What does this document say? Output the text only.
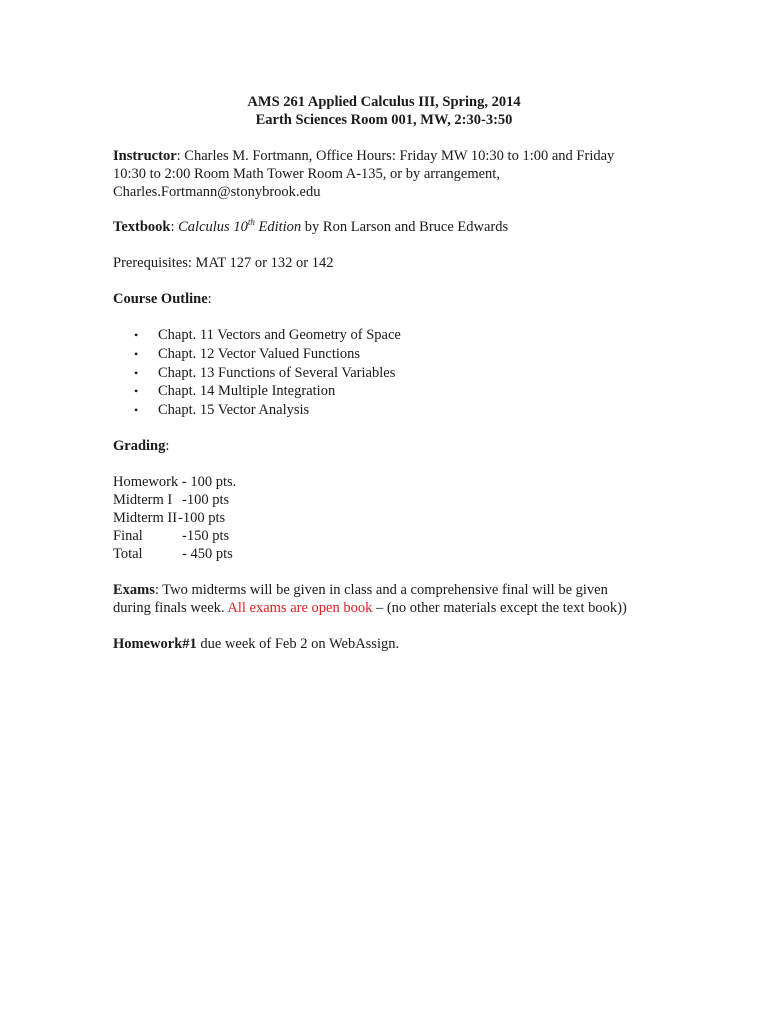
AMS 261 Applied Calculus III, Spring, 2014
Earth Sciences Room 001, MW, 2:30-3:50
Instructor: Charles M. Fortmann, Office Hours: Friday MW 10:30 to 1:00 and Friday
10:30 to 2:00 Room Math Tower Room A-135, or by arrangement,
Charles.Fortmann@stonybrook.edu
Textbook: Calculus 10th Edition by Ron Larson and Bruce Edwards
Prerequisites: MAT 127 or 132 or 142
Course Outline:
• Chapt. 11 Vectors and Geometry of Space
• Chapt. 12 Vector Valued Functions
• Chapt. 13 Functions of Several Variables
• Chapt. 14 Multiple Integration
• Chapt. 15 Vector Analysis
Grading:
Homework - 100 pts.
Midterm I -100 pts
Midterm II-100 pts
Final	-150 pts
Total	- 450 pts
Exams: Two midterms will be given in class and a comprehensive final will be given
during finals week. All exams are open book – (no other materials except the text book))
Homework#1 due week of Feb 2 on WebAssign.
